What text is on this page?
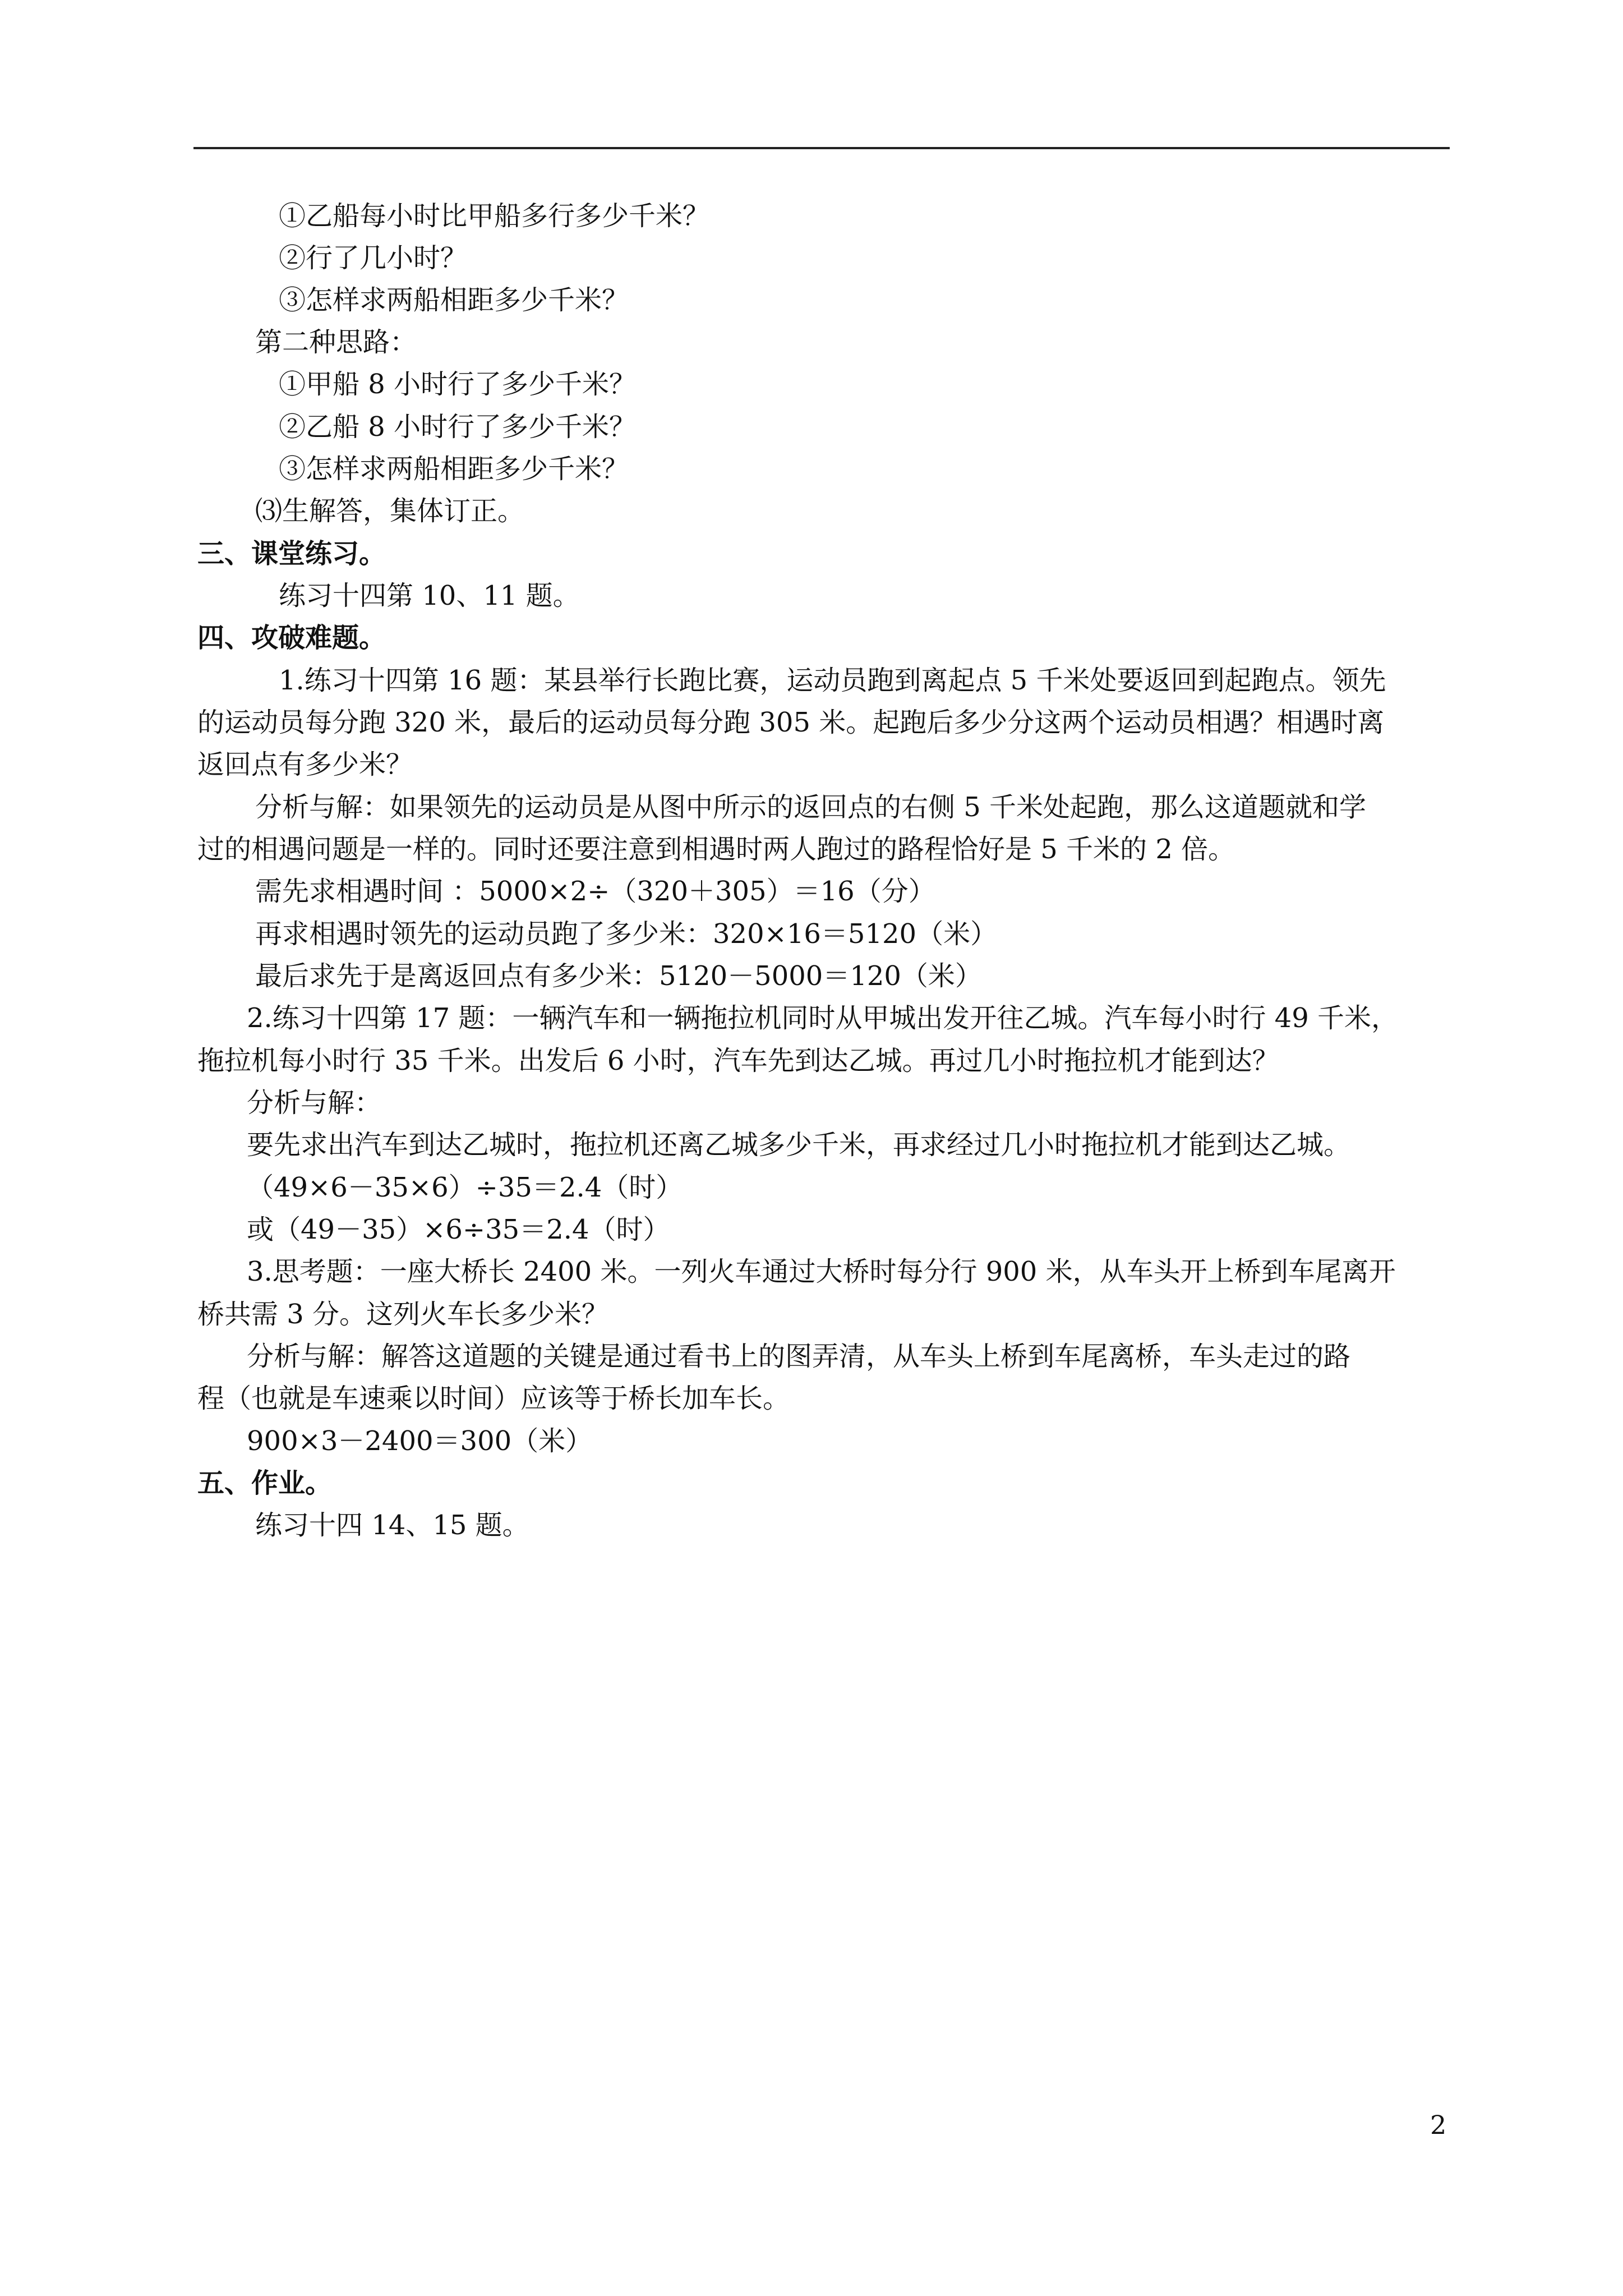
①乙船每小时比甲船多行多少千米？
②行了几小时？
③怎样求两船相距多少千米？
第二种思路：
①甲船 8 小时行了多少千米？
②乙船 8 小时行了多少千米？
③怎样求两船相距多少千米？
⑶生解答，集体订正。
三、课堂练习。
练习十四第 10、11 题。
四、攻破难题。
1.练习十四第 16 题：某县举行长跑比赛，运动员跑到离起点 5 千米处要返回到起跑点。领先
的运动员每分跑 320 米，最后的运动员每分跑 305 米。起跑后多少分这两个运动员相遇？相遇时离
返回点有多少米？
分析与解：如果领先的运动员是从图中所示的返回点的右侧 5 千米处起跑，那么这道题就和学
过的相遇问题是一样的。同时还要注意到相遇时两人跑过的路程恰好是 5 千米的 2 倍。
需先求相遇时间 ：5000×2÷（320＋305）＝16（分）
再求相遇时领先的运动员跑了多少米：320×16＝5120（米）
最后求先于是离返回点有多少米：5120－5000＝120（米）
2.练习十四第 17 题：一辆汽车和一辆拖拉机同时从甲城出发开往乙城。汽车每小时行 49 千米，
拖拉机每小时行 35 千米。出发后 6 小时，汽车先到达乙城。再过几小时拖拉机才能到达？
分析与解：
要先求出汽车到达乙城时，拖拉机还离乙城多少千米，再求经过几小时拖拉机才能到达乙城。
（49×6－35×6）÷35＝2.4（时）
或（49－35）×6÷35＝2.4（时）
3.思考题：一座大桥长 2400 米。一列火车通过大桥时每分行 900 米，从车头开上桥到车尾离开
桥共需 3 分。这列火车长多少米？
分析与解：解答这道题的关键是通过看书上的图弄清，从车头上桥到车尾离桥，车头走过的路
程（也就是车速乘以时间）应该等于桥长加车长。
900×3－2400＝300（米）
五、作业。
练习十四 14、15 题。
2
